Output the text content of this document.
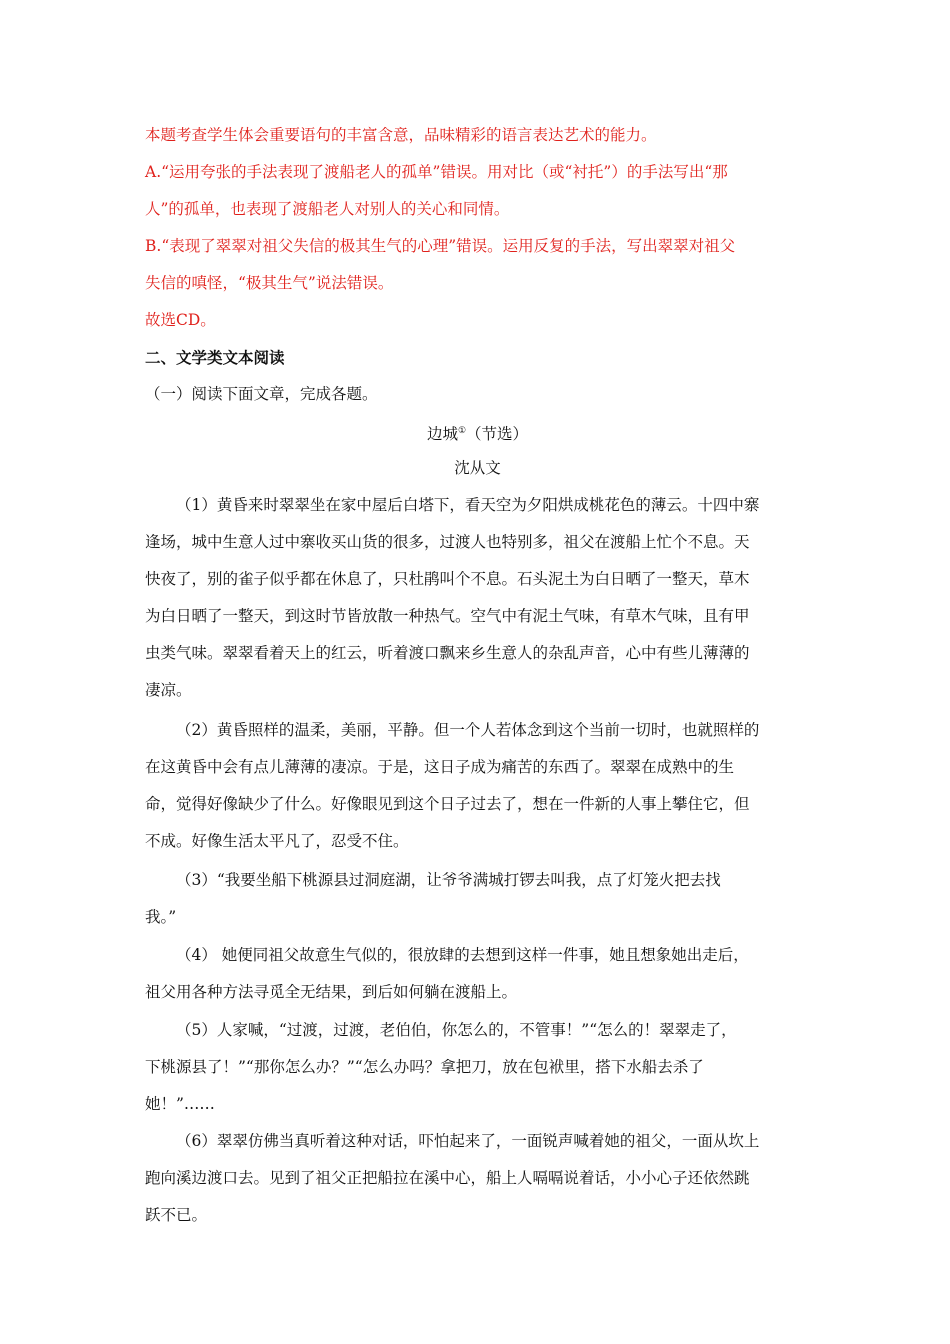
本题考查学生体会重要语句的丰富含意，品味精彩的语言表达艺术的能力。
A.“运用夸张的手法表现了渡船老人的孤单”错误。用对比（或“衬托”）的手法写出“那
人”的孤单，也表现了渡船老人对别人的关心和同情。
B.“表现了翠翠对祖父失信的极其生气的心理”错误。运用反复的手法，写出翠翠对祖父
失信的嗔怪，“极其生气”说法错误。
故选CD。
二、文学类文本阅读
（一）阅读下面文章，完成各题。
边城①（节选）
沈从文
（1）黄昏来时翠翠坐在家中屋后白塔下，看天空为夕阳烘成桃花色的薄云。十四中寨
逢场，城中生意人过中寨收买山货的很多，过渡人也特别多，祖父在渡船上忙个不息。天
快夜了，别的雀子似乎都在休息了，只杜鹃叫个不息。石头泥土为白日晒了一整天，草木
为白日晒了一整天，到这时节皆放散一种热气。空气中有泥土气味，有草木气味，且有甲
虫类气味。翠翠看着天上的红云，听着渡口飘来乡生意人的杂乱声音，心中有些儿薄薄的
凄凉。
（2）黄昏照样的温柔，美丽，平静。但一个人若体念到这个当前一切时，也就照样的
在这黄昏中会有点儿薄薄的凄凉。于是，这日子成为痛苦的东西了。翠翠在成熟中的生
命，觉得好像缺少了什么。好像眼见到这个日子过去了，想在一件新的人事上攀住它，但
不成。好像生活太平凡了，忍受不住。
（3）“我要坐船下桃源县过洞庭湖，让爷爷满城打锣去叫我，点了灯笼火把去找
我。”
（4） 她便同祖父故意生气似的，很放肆的去想到这样一件事，她且想象她出走后，
祖父用各种方法寻觅全无结果，到后如何躺在渡船上。
（5）人家喊，“过渡，过渡，老伯伯，你怎么的，不管事！”“怎么的！翠翠走了，
下桃源县了！”“那你怎么办？”“怎么办吗？拿把刀，放在包袱里，搭下水船去杀了
她！”……
（6）翠翠仿佛当真听着这种对话，吓怕起来了，一面锐声喊着她的祖父，一面从坎上
跑向溪边渡口去。见到了祖父正把船拉在溪中心，船上人嗝嗝说着话，小小心子还依然跳
跃不已。
